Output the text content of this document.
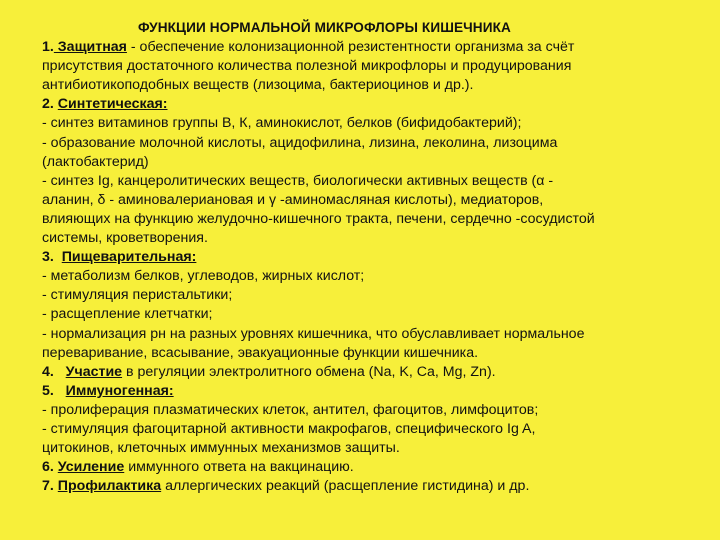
ФУНКЦИИ НОРМАЛЬНОЙ МИКРОФЛОРЫ КИШЕЧНИКА
1. Защитная - обеспечение колонизационной резистентности организма за счёт
присутствия достаточного количества полезной микрофлоры и продуцирования
антибиотикоподобных веществ (лизоцима, бактериоцинов и др.).
2. Синтетическая:
- синтез витаминов группы В, К, аминокислот, белков (бифидобактерий);
- образование молочной кислоты, ацидофилина, лизина, леколина, лизоцима
(лактобактерид)
- синтез Ig, канцеролитических веществ, биологически активных веществ (α -
аланин, δ - аминовалериановая и γ -аминомасляная кислоты), медиаторов,
влияющих на функцию желудочно-кишечного тракта, печени, сердечно -сосудистой
системы, кроветворения.
3. Пищеварительная:
- метаболизм белков, углеводов, жирных кислот;
- стимуляция перистальтики;
- расщепление клетчатки;
- нормализация рн на разных уровнях кишечника, что обуславливает нормальное
переваривание, всасывание, эвакуационные функции кишечника.
4. Участие в регуляции электролитного обмена (Na, K, Ca, Mg, Zn).
5. Иммуногенная:
- пролиферация плазматических клеток, антител, фагоцитов, лимфоцитов;
- стимуляция фагоцитарной активности макрофагов, специфического Ig A,
цитокинов, клеточных иммунных механизмов защиты.
6. Усиление иммунного ответа на вакцинацию.
7. Профилактика аллергических реакций (расщепление гистидина) и др.
